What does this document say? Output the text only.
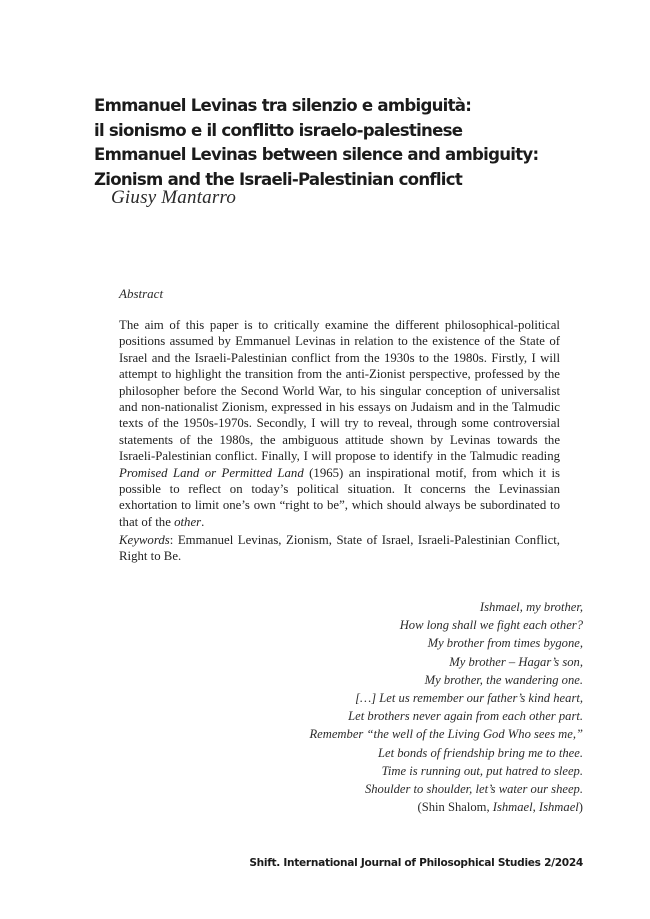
Emmanuel Levinas tra silenzio e ambiguità:
il sionismo e il conflitto israelo-palestinese
Emmanuel Levinas between silence and ambiguity:
Zionism and the Israeli-Palestinian conflict
Giusy Mantarro
Abstract

The aim of this paper is to critically examine the different philosophical-political positions assumed by Emmanuel Levinas in relation to the existence of the State of Israel and the Israeli-Palestinian conflict from the 1930s to the 1980s. Firstly, I will attempt to highlight the transition from the anti-Zionist perspective, professed by the philosopher before the Second World War, to his singular conception of universalist and non-nationalist Zionism, expressed in his essays on Judaism and in the Talmudic texts of the 1950s-1970s. Secondly, I will try to reveal, through some controversial statements of the 1980s, the ambiguous attitude shown by Levinas towards the Israeli-Palestinian conflict. Finally, I will propose to identify in the Talmudic reading Promised Land or Permitted Land (1965) an inspirational motif, from which it is possible to reflect on today’s political situation. It concerns the Levinassian exhortation to limit one’s own “right to be”, which should always be subordinated to that of the other.

Keywords: Emmanuel Levinas, Zionism, State of Israel, Israeli-Palestinian Conflict, Right to Be.

Ishmael, my brother,
How long shall we fight each other?
My brother from times bygone,
My brother – Hagar’s son,
My brother, the wandering one.
[…] Let us remember our father’s kind heart,
Let brothers never again from each other part.
Remember “the well of the Living God Who sees me,”
Let bonds of friendship bring me to thee.
Time is running out, put hatred to sleep.
Shoulder to shoulder, let’s water our sheep.
(Shin Shalom, Ishmael, Ishmael)
Shift. International Journal of Philosophical Studies 2/2024
